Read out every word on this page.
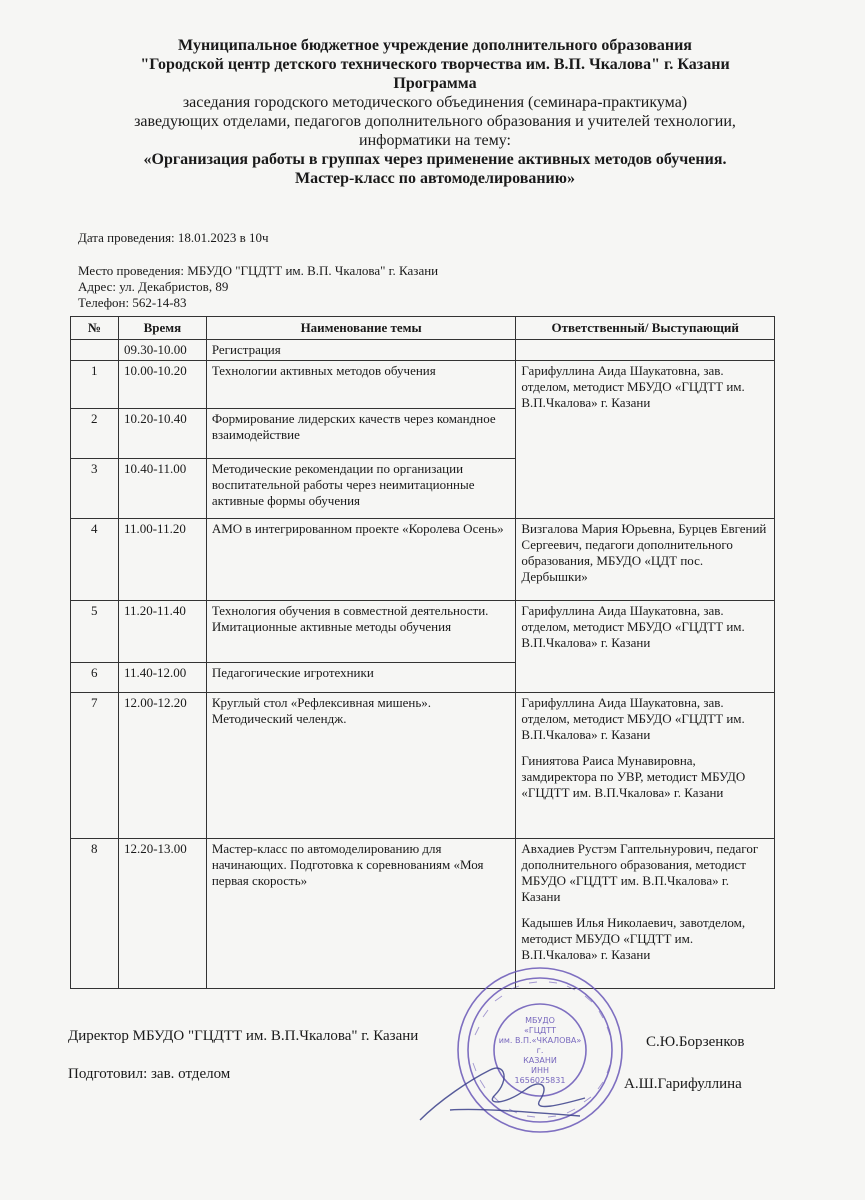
Муниципальное бюджетное учреждение дополнительного образования
"Городской центр детского технического творчества им. В.П. Чкалова" г. Казани
Программа
заседания городского методического объединения (семинара-практикума)
заведующих отделами, педагогов дополнительного образования и учителей технологии,
информатики на тему:
«Организация работы в группах через применение активных методов обучения.
Мастер-класс по автомоделированию»
Дата проведения: 18.01.2023 в 10ч
Место проведения: МБУДО "ГЦДТТ им. В.П. Чкалова" г. Казани
Адрес: ул. Декабристов, 89
Телефон: 562-14-83
№	Время	Наименование темы	Ответственный/ Выступающий
	09.30-10.00	Регистрация	
1	10.00-10.20	Технологии активных методов обучения	Гарифуллина Аида Шаукатовна, зав. отделом, методист МБУДО «ГЦДТТ им. В.П.Чкалова» г. Казани
2	10.20-10.40	Формирование лидерских качеств через командное взаимодействие	
3	10.40-11.00	Методические рекомендации по организации воспитательной работы через неимитационные активные формы обучения	
4	11.00-11.20	АМО в интегрированном проекте «Королева Осень»	Визгалова Мария Юрьевна, Бурцев Евгений Сергеевич, педагоги дополнительного образования, МБУДО «ЦДТ пос. Дербышки»
5	11.20-11.40	Технология обучения в совместной деятельности. Имитационные активные методы обучения	Гарифуллина Аида Шаукатовна, зав. отделом, методист МБУДО «ГЦДТТ им. В.П.Чкалова» г. Казани
6	11.40-12.00	Педагогические игротехники	
7	12.00-12.20	Круглый стол «Рефлексивная мишень». Методический челендж.	Гарифуллина Аида Шаукатовна, зав. отделом, методист МБУДО «ГЦДТТ им. В.П.Чкалова» г. Казани
Гиниятова Раиса Мунавировна, замдиректора по УВР, методист МБУДО «ГЦДТТ им. В.П.Чкалова» г. Казани

8	12.20-13.00	Мастер-класс по автомоделированию для начинающих. Подготовка к соревнованиям «Моя первая скорость»	Авхадиев Рустэм Гаптельнурович, педагог дополнительного образования, методист МБУДО «ГЦДТТ им. В.П.Чкалова» г. Казани
Кадышев Илья Николаевич, завотделом, методист МБУДО «ГЦДТТ им. В.П.Чкалова» г. Казани
Директор МБУДО "ГЦДТТ им. В.П.Чкалова" г. Казани	С.Ю.Борзенков
Подготовил: зав. отделом
А.Ш.Гарифуллина
МБУДО
«ГЦДТТ
им. В.П.«ЧКАЛОВА»
г.
КАЗАНИ
ИНН
1656025831
